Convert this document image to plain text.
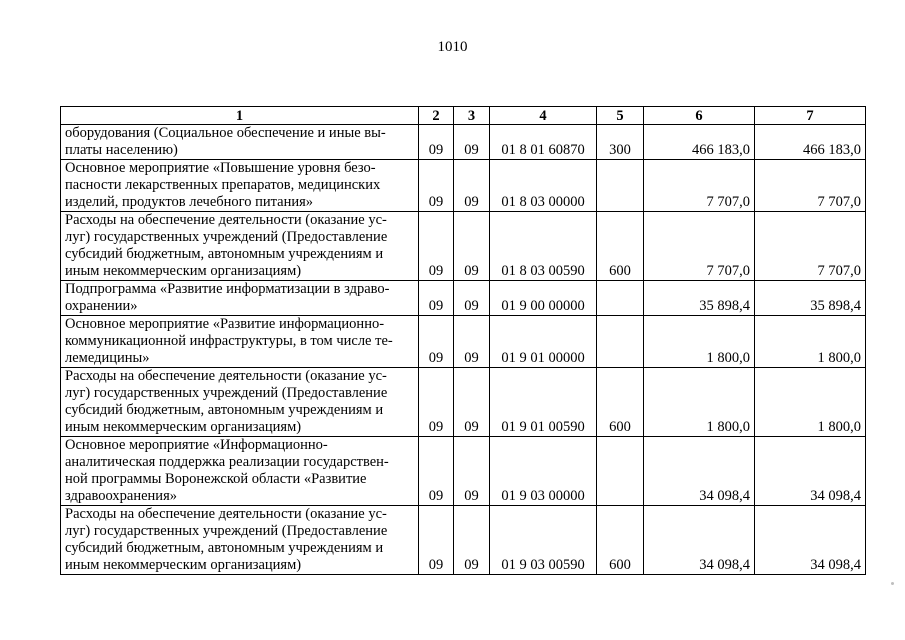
1010
1	2	3	4	5	6	7
оборудования (Социальное обеспечение и иные вы-
платы населению)	09	09	01 8 01 60870	300	466 183,0	466 183,0
Основное мероприятие «Повышение уровня безо-
пасности лекарственных препаратов, медицинских
изделий, продуктов лечебного питания»	09	09	01 8 03 00000		7 707,0	7 707,0
Расходы на обеспечение деятельности (оказание ус-
луг) государственных учреждений (Предоставление
субсидий бюджетным, автономным учреждениям и
иным некоммерческим организациям)	09	09	01 8 03 00590	600	7 707,0	7 707,0
Подпрограмма «Развитие информатизации в здраво-
охранении»	09	09	01 9 00 00000		35 898,4	35 898,4
Основное мероприятие «Развитие информационно-
коммуникационной инфраструктуры, в том числе те-
лемедицины»	09	09	01 9 01 00000		1 800,0	1 800,0
Расходы на обеспечение деятельности (оказание ус-
луг) государственных учреждений (Предоставление
субсидий бюджетным, автономным учреждениям и
иным некоммерческим организациям)	09	09	01 9 01 00590	600	1 800,0	1 800,0
Основное мероприятие «Информационно-
аналитическая поддержка реализации государствен-
ной программы Воронежской области «Развитие
здравоохранения»	09	09	01 9 03 00000		34 098,4	34 098,4
Расходы на обеспечение деятельности (оказание ус-
луг) государственных учреждений (Предоставление
субсидий бюджетным, автономным учреждениям и
иным некоммерческим организациям)	09	09	01 9 03 00590	600	34 098,4	34 098,4
